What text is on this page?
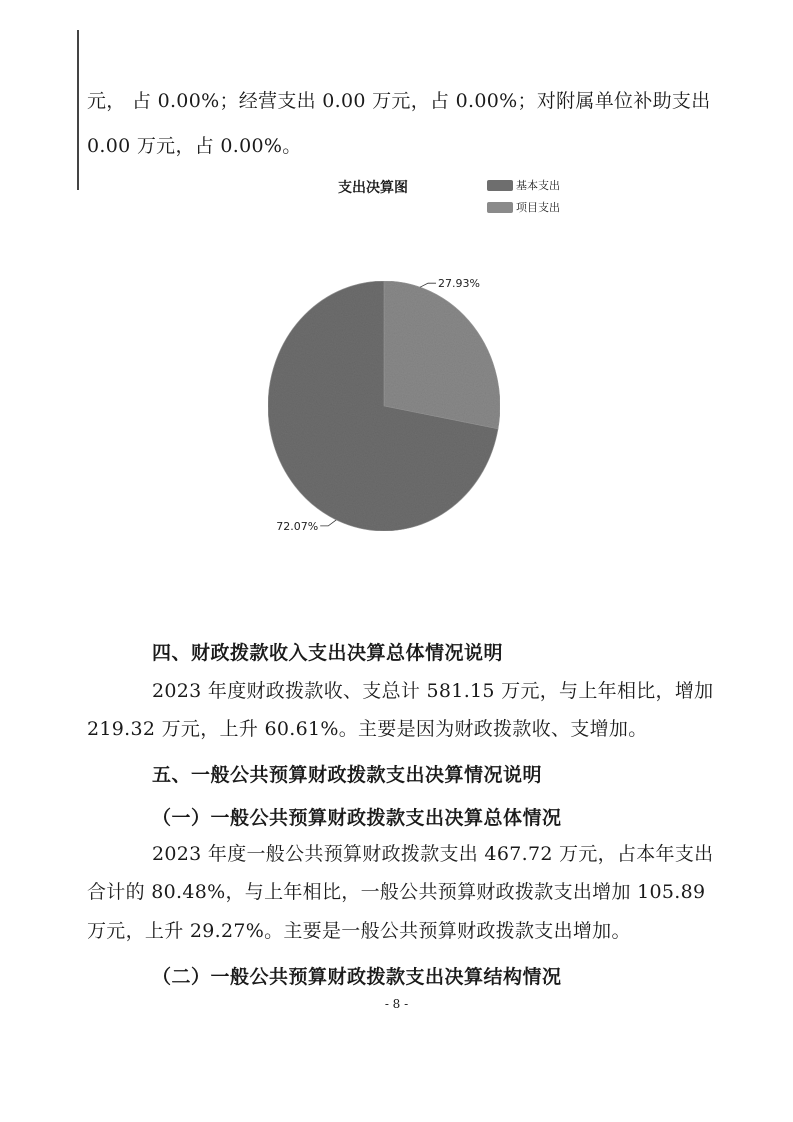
元， 占 0.00%；经营支出 0.00 万元，占 0.00%；对附属单位补助支出
0.00 万元，占 0.00%。
支出决算图	基本支出
项目支出
27.93%
72.07%
四、财政拨款收入支出决算总体情况说明
2023 年度财政拨款收、支总计 581.15 万元，与上年相比，增加
219.32 万元，上升 60.61%。主要是因为财政拨款收、支增加。
五、一般公共预算财政拨款支出决算情况说明
（一）一般公共预算财政拨款支出决算总体情况
2023 年度一般公共预算财政拨款支出 467.72 万元，占本年支出
合计的 80.48%，与上年相比，一般公共预算财政拨款支出增加 105.89
万元，上升 29.27%。主要是一般公共预算财政拨款支出增加。
（二）一般公共预算财政拨款支出决算结构情况
- 8 -
